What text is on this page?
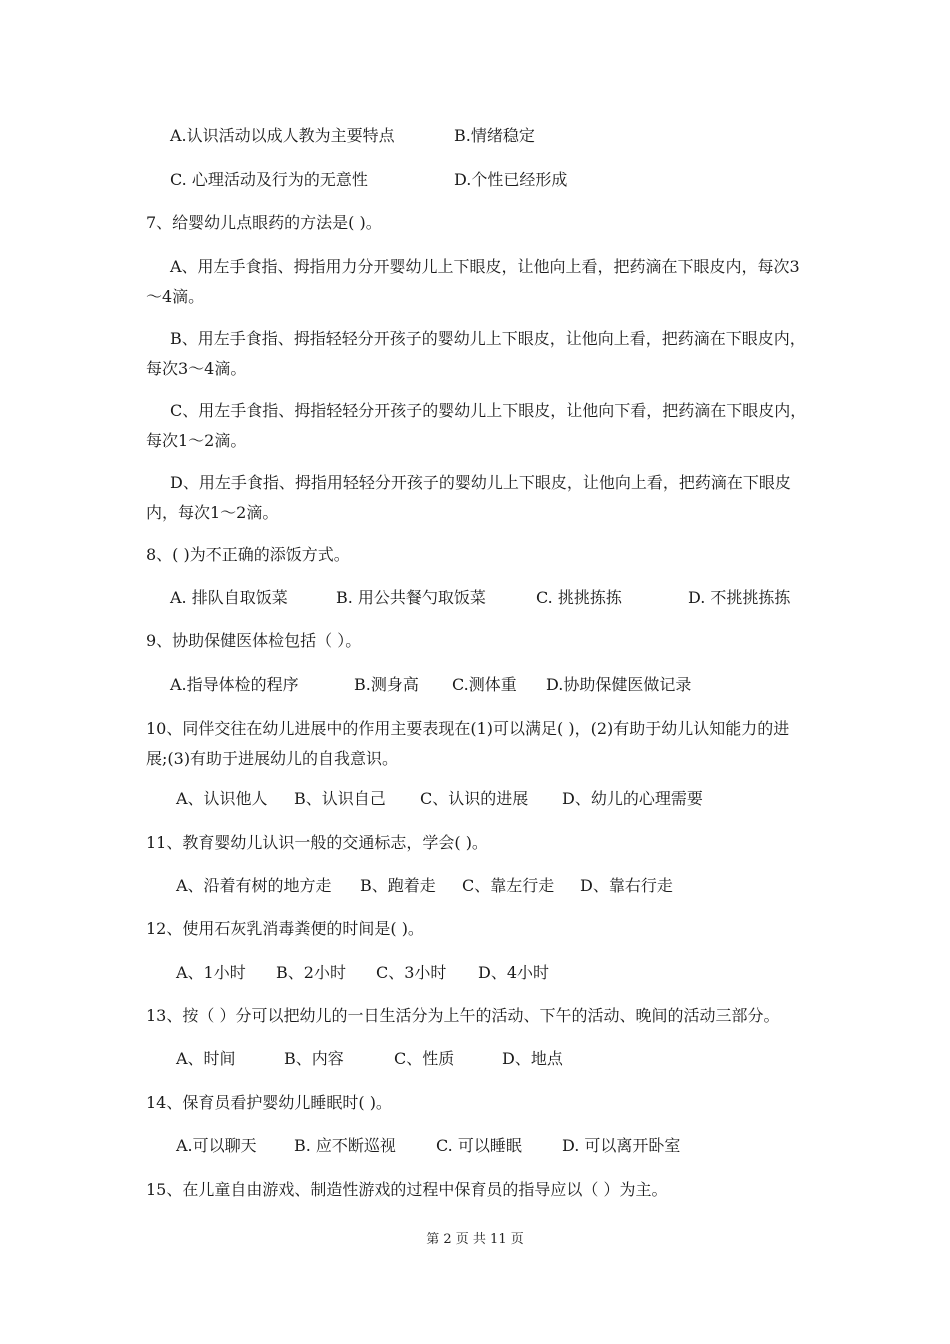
A.认识活动以成人教为主要特点	B.情绪稳定
C. 心理活动及行为的无意性	D.个性已经形成
7、给婴幼儿点眼药的方法是( )。
A、用左手食指、拇指用力分开婴幼儿上下眼皮，让他向上看，把药滴在下眼皮内，每次3～4滴。
B、用左手食指、拇指轻轻分开孩子的婴幼儿上下眼皮，让他向上看，把药滴在下眼皮内，每次3～4滴。
C、用左手食指、拇指轻轻分开孩子的婴幼儿上下眼皮，让他向下看，把药滴在下眼皮内，每次1～2滴。
D、用左手食指、拇指用轻轻分开孩子的婴幼儿上下眼皮，让他向上看，把药滴在下眼皮内，每次1～2滴。
8、( )为不正确的添饭方式。
A. 排队自取饭菜	B. 用公共餐勺取饭菜	C. 挑挑拣拣	D. 不挑挑拣拣
9、协助保健医体检包括（ ）。
A.指导体检的程序	B.测身高 C.测体重 D.协助保健医做记录
10、同伴交往在幼儿进展中的作用主要表现在(1)可以满足( )，(2)有助于幼儿认知能力的进展;(3)有助于进展幼儿的自我意识。
A、认识他人 B、认识自己 C、认识的进展 D、幼儿的心理需要
11、教育婴幼儿认识一般的交通标志，学会( )。
A、沿着有树的地方走 B、跑着走 C、靠左行走 D、靠右行走
12、使用石灰乳消毒粪便的时间是( )。
A、1小时 B、2小时 C、3小时 D、4小时
13、按（ ）分可以把幼儿的一日生活分为上午的活动、下午的活动、晚间的活动三部分。
A、时间	B、内容	C、性质	D、地点
14、保育员看护婴幼儿睡眠时( )。
A.可以聊天 B. 应不断巡视	C. 可以睡眠	D. 可以离开卧室
15、在儿童自由游戏、制造性游戏的过程中保育员的指导应以（ ）为主。
第 2 页 共 11 页
